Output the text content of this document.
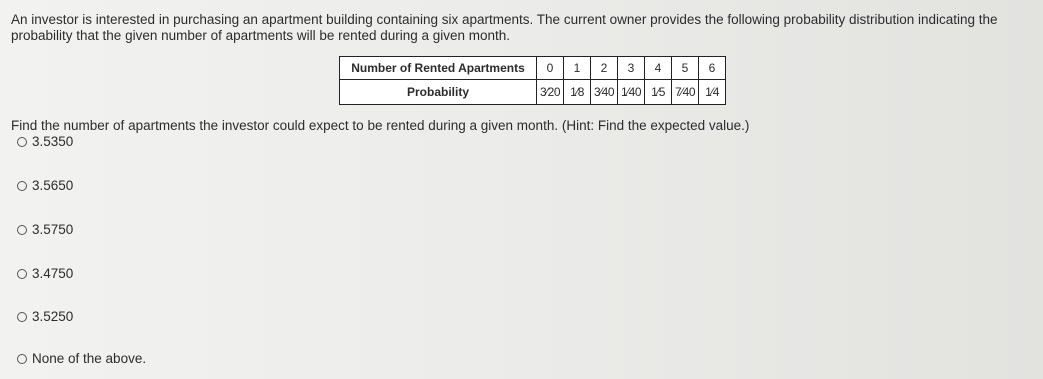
An investor is interested in purchasing an apartment building containing six apartments. The current owner provides the following probability distribution indicating the probability that the given number of apartments will be rented during a given month.

Number of Rented Apartments	0	1	2	3	4	5	6
Probability	3⁄20	1⁄8	3⁄40	1⁄40	1⁄5	7⁄40	1⁄4

Find the number of apartments the investor could expect to be rented during a given month. (Hint: Find the expected value.)

3.5350
3.5650
3.5750
3.4750
3.5250
None of the above.
